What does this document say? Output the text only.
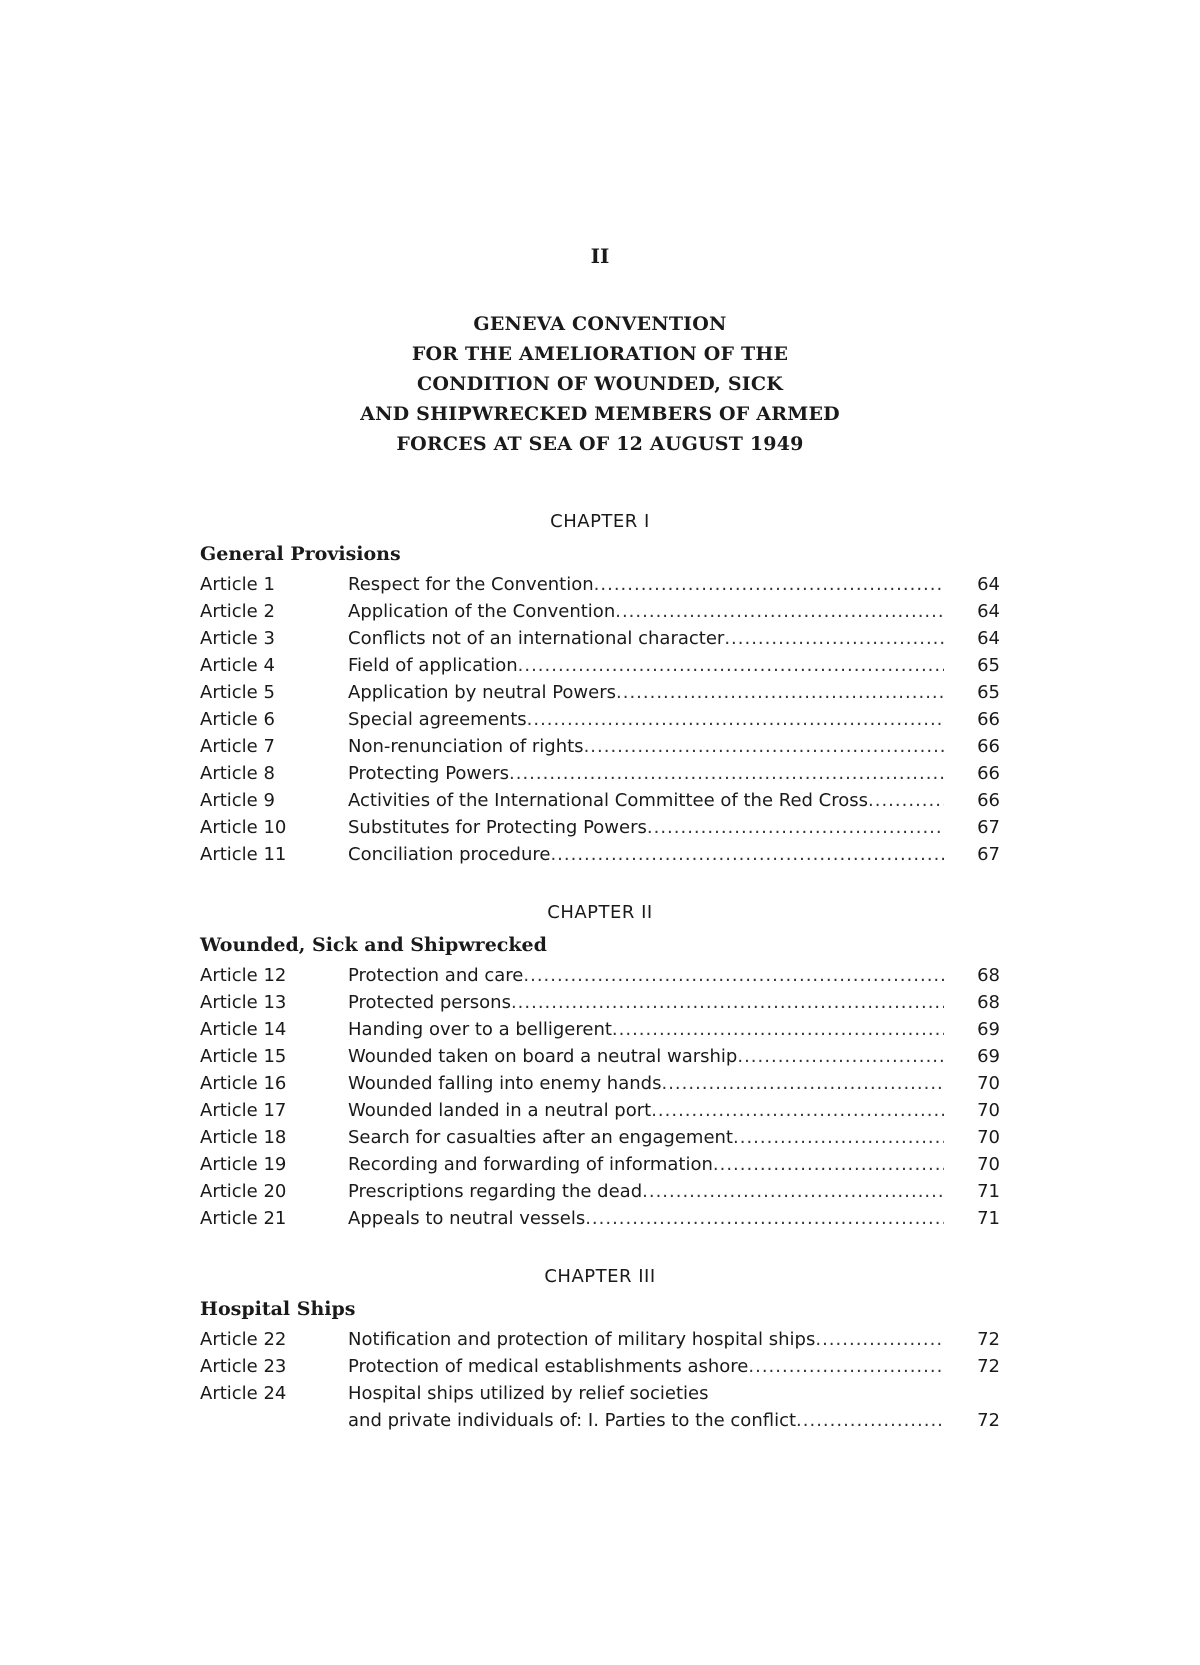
II
GENEVA CONVENTION
FOR THE AMELIORATION OF THE
CONDITION OF WOUNDED, SICK
AND SHIPWRECKED MEMBERS OF ARMED
FORCES AT SEA OF 12 AUGUST 1949
CHAPTER I
General Provisions
Article 1	Respect for the Convention .....	64
Article 2	Application of the Convention .....	64
Article 3	Conflicts not of an international character .....	64
Article 4	Field of application .....	65
Article 5	Application by neutral Powers .....	65
Article 6	Special agreements .....	66
Article 7	Non-renunciation of rights .....	66
Article 8	Protecting Powers .....	66
Article 9	Activities of the International Committee of the Red Cross .....	66
Article 10	Substitutes for Protecting Powers .....	67
Article 11	Conciliation procedure .....	67
CHAPTER II
Wounded, Sick and Shipwrecked
Article 12	Protection and care .....	68
Article 13	Protected persons .....	68
Article 14	Handing over to a belligerent .....	69
Article 15	Wounded taken on board a neutral warship .....	69
Article 16	Wounded falling into enemy hands .....	70
Article 17	Wounded landed in a neutral port .....	70
Article 18	Search for casualties after an engagement .....	70
Article 19	Recording and forwarding of information .....	70
Article 20	Prescriptions regarding the dead .....	71
Article 21	Appeals to neutral vessels .....	71
CHAPTER III
Hospital Ships
Article 22	Notification and protection of military hospital ships .....	72
Article 23	Protection of medical establishments ashore .....	72
Article 24	Hospital ships utilized by relief societies
and private individuals of: I. Parties to the conflict .....	72
